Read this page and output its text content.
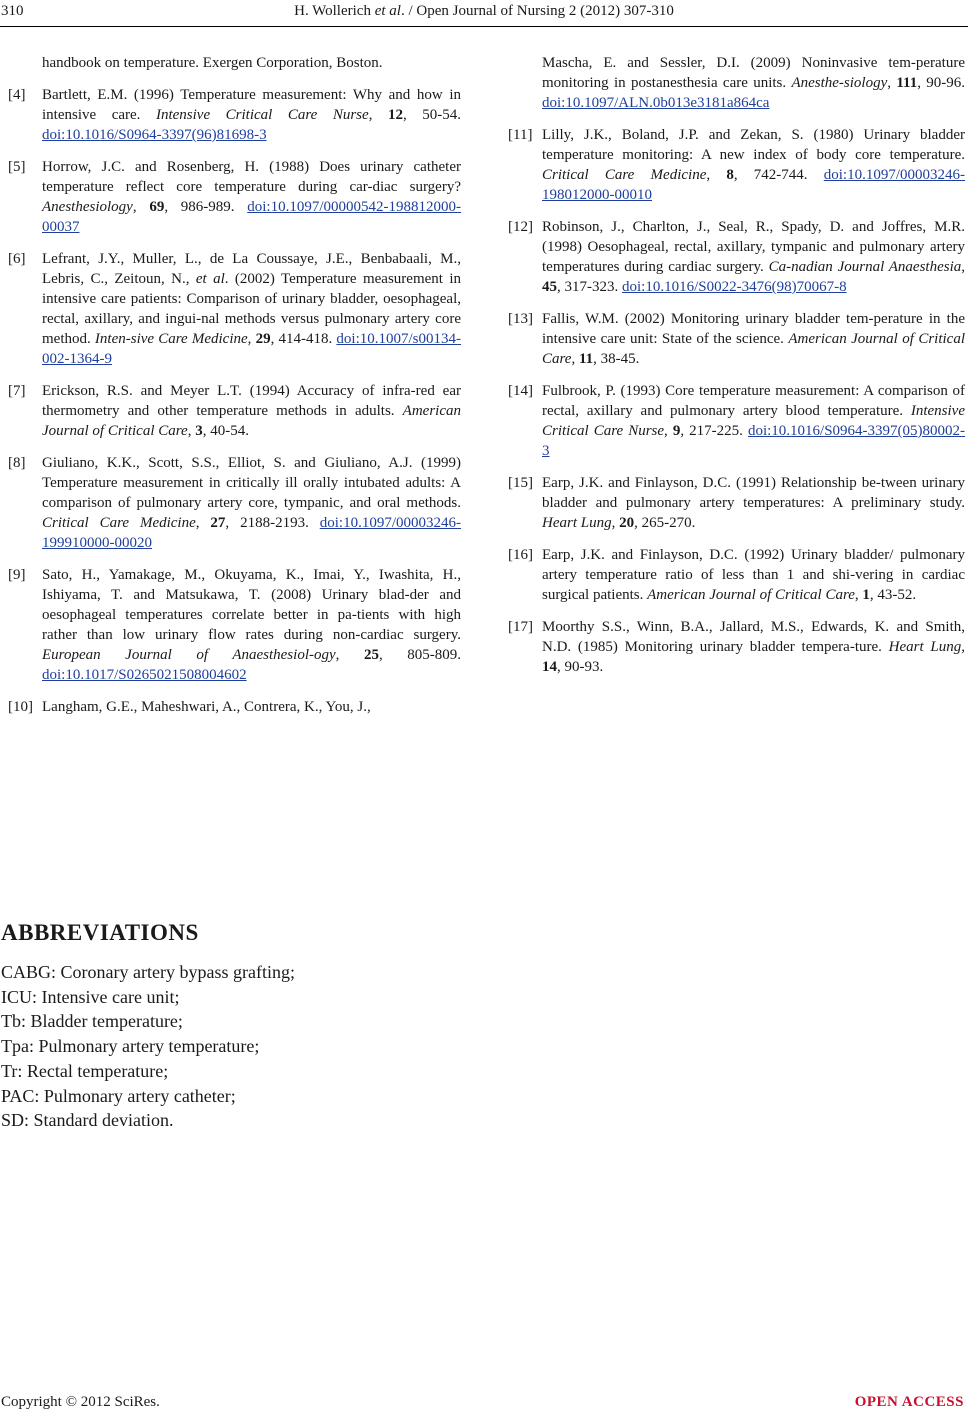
310	H. Wollerich et al. / Open Journal of Nursing 2 (2012) 307-310
handbook on temperature. Exergen Corporation, Boston.
[4] Bartlett, E.M. (1996) Temperature measurement: Why and how in intensive care. Intensive Critical Care Nurse, 12, 50-54. doi:10.1016/S0964-3397(96)81698-3
[5] Horrow, J.C. and Rosenberg, H. (1988) Does urinary catheter temperature reflect core temperature during car-diac surgery? Anesthesiology, 69, 986-989. doi:10.1097/00000542-198812000-00037
[6] Lefrant, J.Y., Muller, L., de La Coussaye, J.E., Benbabaali, M., Lebris, C., Zeitoun, N., et al. (2002) Temperature measurement in intensive care patients: Comparison of urinary bladder, oesophageal, rectal, axillary, and ingui-nal methods versus pulmonary artery core method. Inten-sive Care Medicine, 29, 414-418. doi:10.1007/s00134-002-1364-9
[7] Erickson, R.S. and Meyer L.T. (1994) Accuracy of infra-red ear thermometry and other temperature methods in adults. American Journal of Critical Care, 3, 40-54.
[8] Giuliano, K.K., Scott, S.S., Elliot, S. and Giuliano, A.J. (1999) Temperature measurement in critically ill orally intubated adults: A comparison of pulmonary artery core, tympanic, and oral methods. Critical Care Medicine, 27, 2188-2193. doi:10.1097/00003246-199910000-00020
[9] Sato, H., Yamakage, M., Okuyama, K., Imai, Y., Iwashita, H., Ishiyama, T. and Matsukawa, T. (2008) Urinary blad-der and oesophageal temperatures correlate better in pa-tients with high rather than low urinary flow rates during non-cardiac surgery. European Journal of Anaesthesiol-ogy, 25, 805-809. doi:10.1017/S0265021508004602
[10] Langham, G.E., Maheshwari, A., Contrera, K., You, J.,
Mascha, E. and Sessler, D.I. (2009) Noninvasive tem-perature monitoring in postanesthesia care units. Anesthe-siology, 111, 90-96. doi:10.1097/ALN.0b013e3181a864ca
[11] Lilly, J.K., Boland, J.P. and Zekan, S. (1980) Urinary bladder temperature monitoring: A new index of body core temperature. Critical Care Medicine, 8, 742-744. doi:10.1097/00003246-198012000-00010
[12] Robinson, J., Charlton, J., Seal, R., Spady, D. and Joffres, M.R. (1998) Oesophageal, rectal, axillary, tympanic and pulmonary artery temperatures during cardiac surgery. Ca-nadian Journal Anaesthesia, 45, 317-323. doi:10.1016/S0022-3476(98)70067-8
[13] Fallis, W.M. (2002) Monitoring urinary bladder tem-perature in the intensive care unit: State of the science. American Journal of Critical Care, 11, 38-45.
[14] Fulbrook, P. (1993) Core temperature measurement: A comparison of rectal, axillary and pulmonary artery blood temperature. Intensive Critical Care Nurse, 9, 217-225. doi:10.1016/S0964-3397(05)80002-3
[15] Earp, J.K. and Finlayson, D.C. (1991) Relationship be-tween urinary bladder and pulmonary artery temperatures: A preliminary study. Heart Lung, 20, 265-270.
[16] Earp, J.K. and Finlayson, D.C. (1992) Urinary bladder/ pulmonary artery temperature ratio of less than 1 and shi-vering in cardiac surgical patients. American Journal of Critical Care, 1, 43-52.
[17] Moorthy S.S., Winn, B.A., Jallard, M.S., Edwards, K. and Smith, N.D. (1985) Monitoring urinary bladder tempera-ture. Heart Lung, 14, 90-93.
ABBREVIATIONS
CABG: Coronary artery bypass grafting;
ICU: Intensive care unit;
Tb: Bladder temperature;
Tpa: Pulmonary artery temperature;
Tr: Rectal temperature;
PAC: Pulmonary artery catheter;
SD: Standard deviation.
Copyright © 2012 SciRes.	OPEN ACCESS
